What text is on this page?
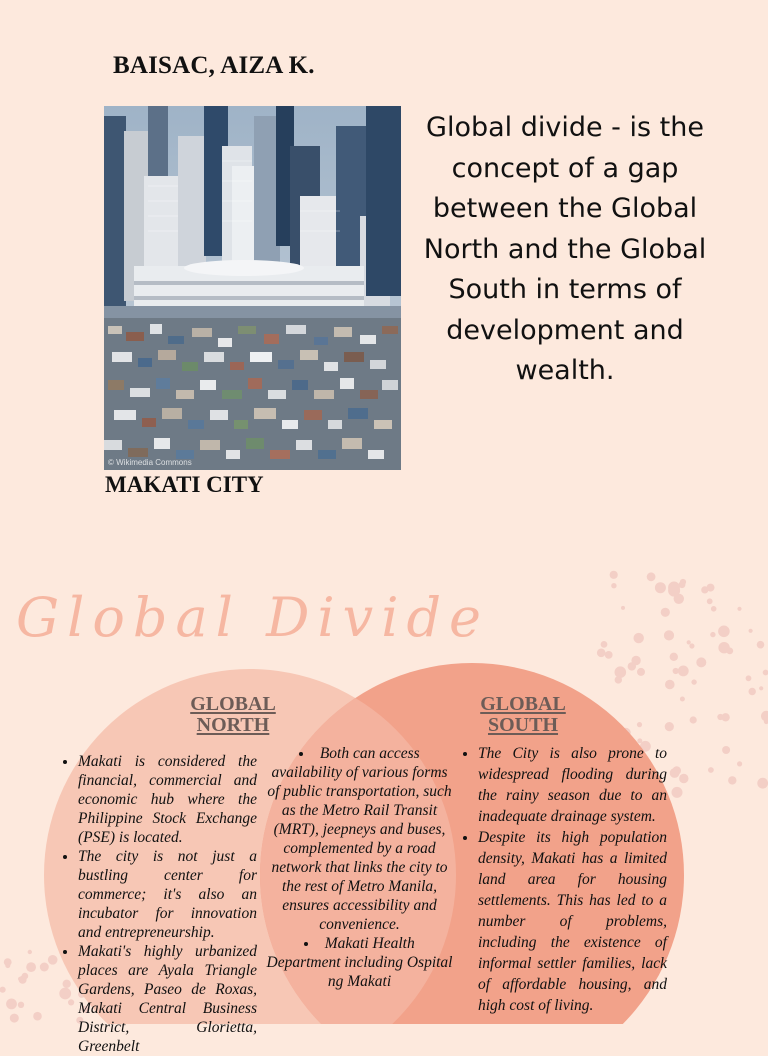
BAISAC, AIZA K.
© Wikimedia Commons
MAKATI CITY
Global divide - is the concept of a gap between the Global North and the Global South in terms of development and wealth.
Global Divide
GLOBAL
NORTH
GLOBAL
SOUTH
• Makati is considered the financial, commercial and economic hub where the Philippine Stock Exchange (PSE) is located.
• The city is not just a bustling center for commerce; it's also an incubator for innovation and entrepreneurship.
• Makati's highly urbanized places are Ayala Triangle Gardens, Paseo de Roxas, Makati Central Business District, Glorietta, Greenbelt
• Both can access availability of various forms of public transportation, such as the Metro Rail Transit (MRT), jeepneys and buses, complemented by a road network that links the city to the rest of Metro Manila, ensures accessibility and convenience.
• Makati Health Department including Ospital ng Makati
• The City is also prone to widespread flooding during the rainy season due to an inadequate drainage system.
• Despite its high population density, Makati has a limited land area for housing settlements. This has led to a number of problems, including the existence of informal settler families, lack of affordable housing, and high cost of living.
